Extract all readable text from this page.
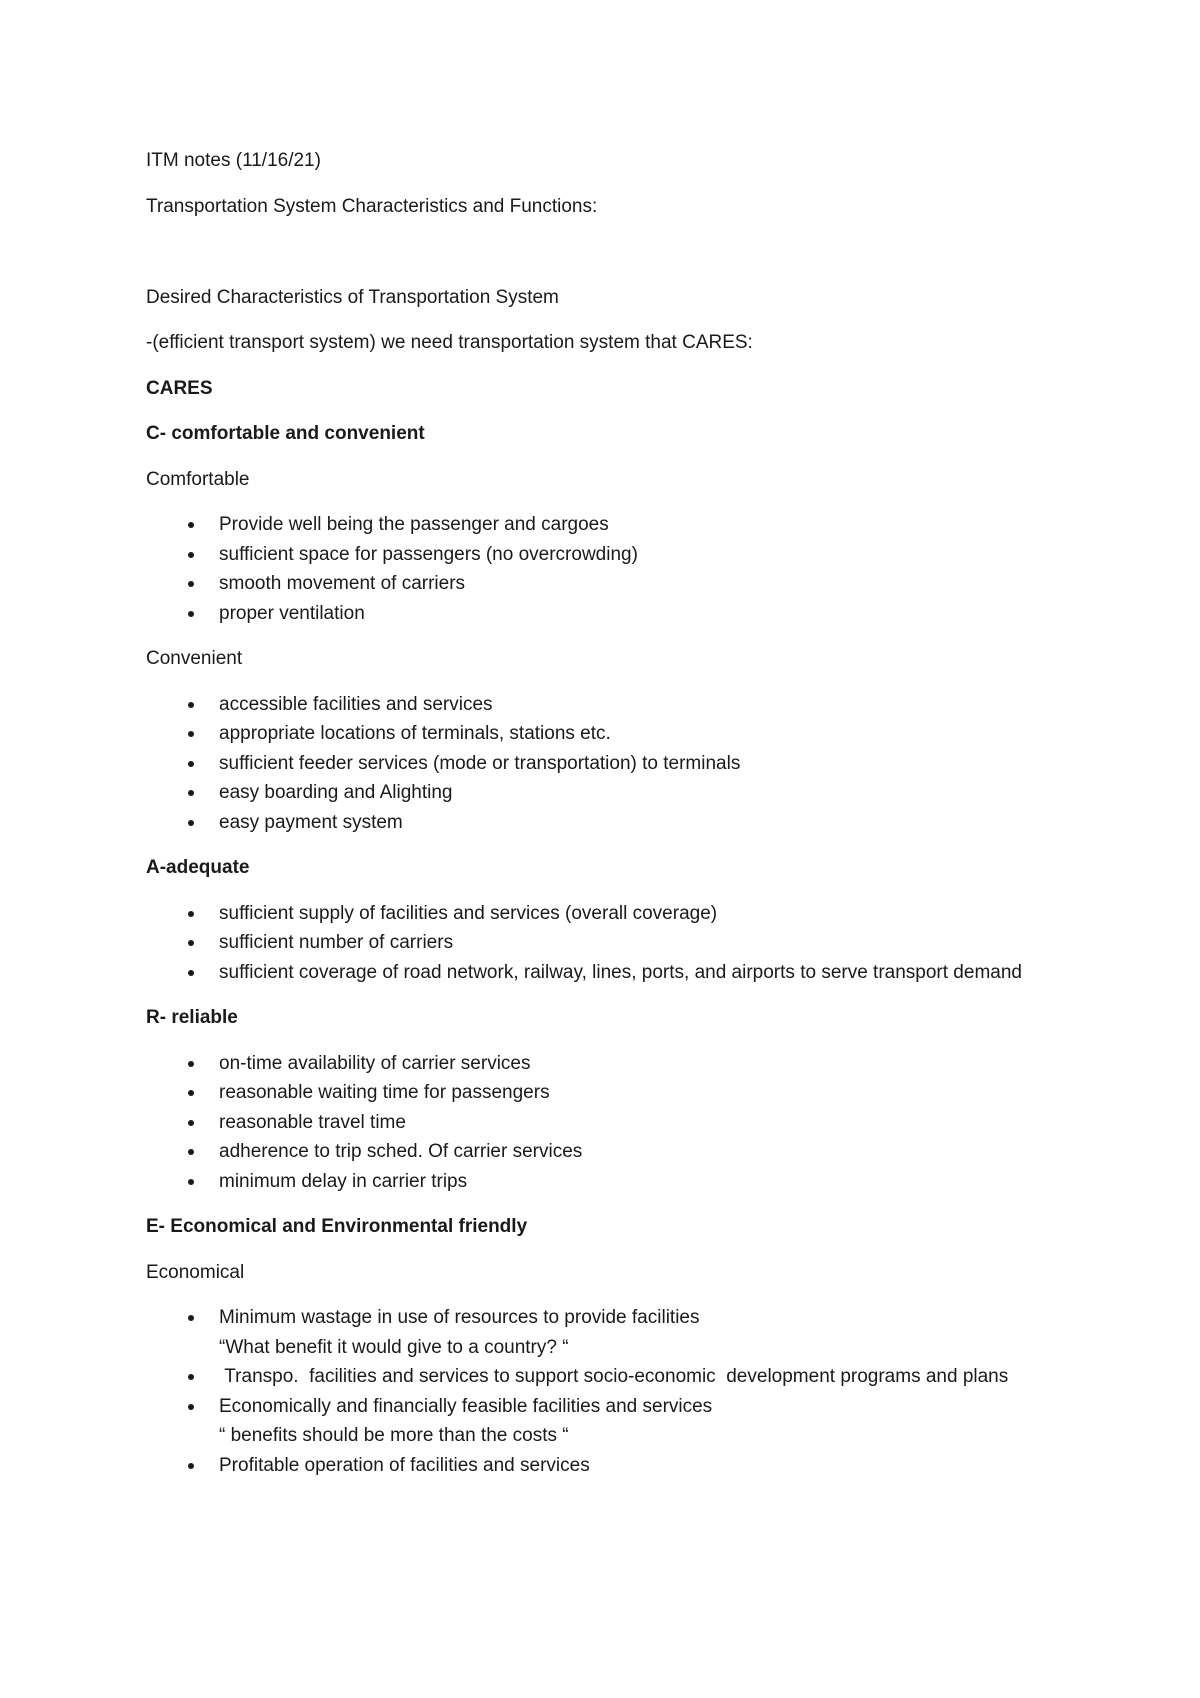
ITM notes (11/16/21)

Transportation System Characteristics and Functions:

Desired Characteristics of Transportation System

-(efficient transport system) we need transportation system that CARES:

CARES

C- comfortable and convenient

Comfortable

Provide well being the passenger and cargoes
sufficient space for passengers (no overcrowding)
smooth movement of carriers
proper ventilation

Convenient

accessible facilities and services
appropriate locations of terminals, stations etc.
sufficient feeder services (mode or transportation) to terminals
easy boarding and Alighting
easy payment system

A-adequate

sufficient supply of facilities and services (overall coverage)
sufficient number of carriers
sufficient coverage of road network, railway, lines, ports, and airports to serve transport demand

R- reliable

on-time availability of carrier services
reasonable waiting time for passengers
reasonable travel time
adherence to trip sched. Of carrier services
minimum delay in carrier trips

E- Economical and Environmental friendly

Economical

Minimum wastage in use of resources to provide facilities
“What benefit it would give to a country? “
Transpo.  facilities and services to support socio-economic  development programs and plans
Economically and financially feasible facilities and services
“ benefits should be more than the costs “
Profitable operation of facilities and services
